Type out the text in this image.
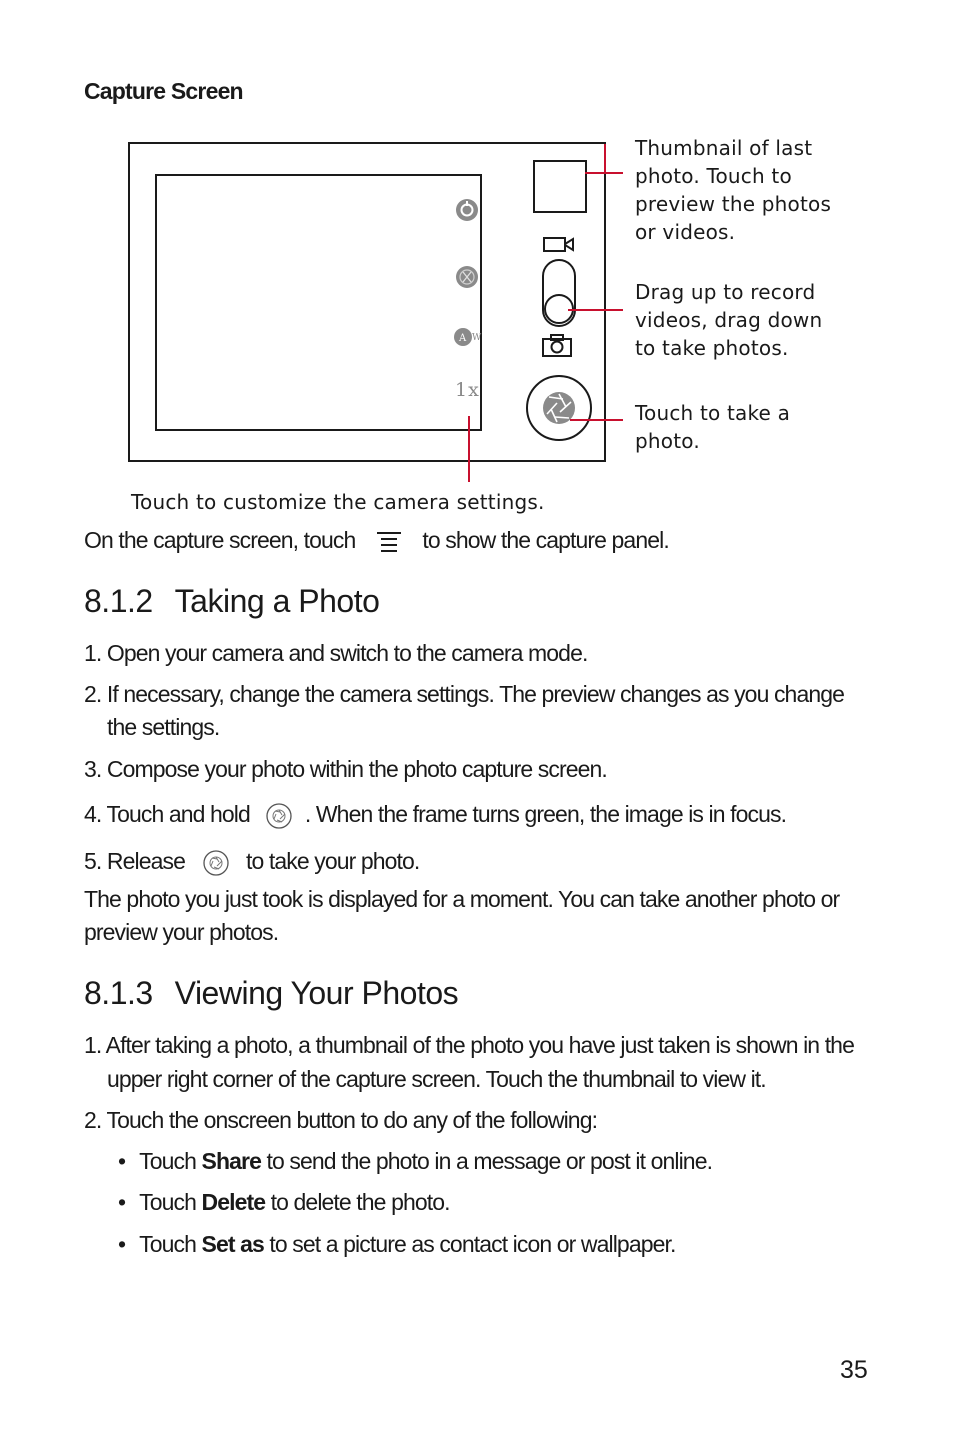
Capture Screen
A W
1x
Thumbnail of last photo. Touch to preview the photos or videos.
Drag up to record videos, drag down to take photos.
Touch to take a photo.
Touch to customize the camera settings.
On the capture screen, touch	to show the capture panel.
8.1.2 Taking a Photo
1. Open your camera and switch to the camera mode.
2. If necessary, change the camera settings. The preview changes as you change
the settings.
3. Compose your photo within the photo capture screen.
4. Touch and hold . When the frame turns green, the image is in focus.
5. Release	to take your photo.
The photo you just took is displayed for a moment. You can take another photo or
preview your photos.
8.1.3 Viewing Your Photos
1. After taking a photo, a thumbnail of the photo you have just taken is shown in the
upper right corner of the capture screen. Touch the thumbnail to view it.
2. Touch the onscreen button to do any of the following:
• Touch Share to send the photo in a message or post it online.
• Touch Delete to delete the photo.
• Touch Set as to set a picture as contact icon or wallpaper.
35
